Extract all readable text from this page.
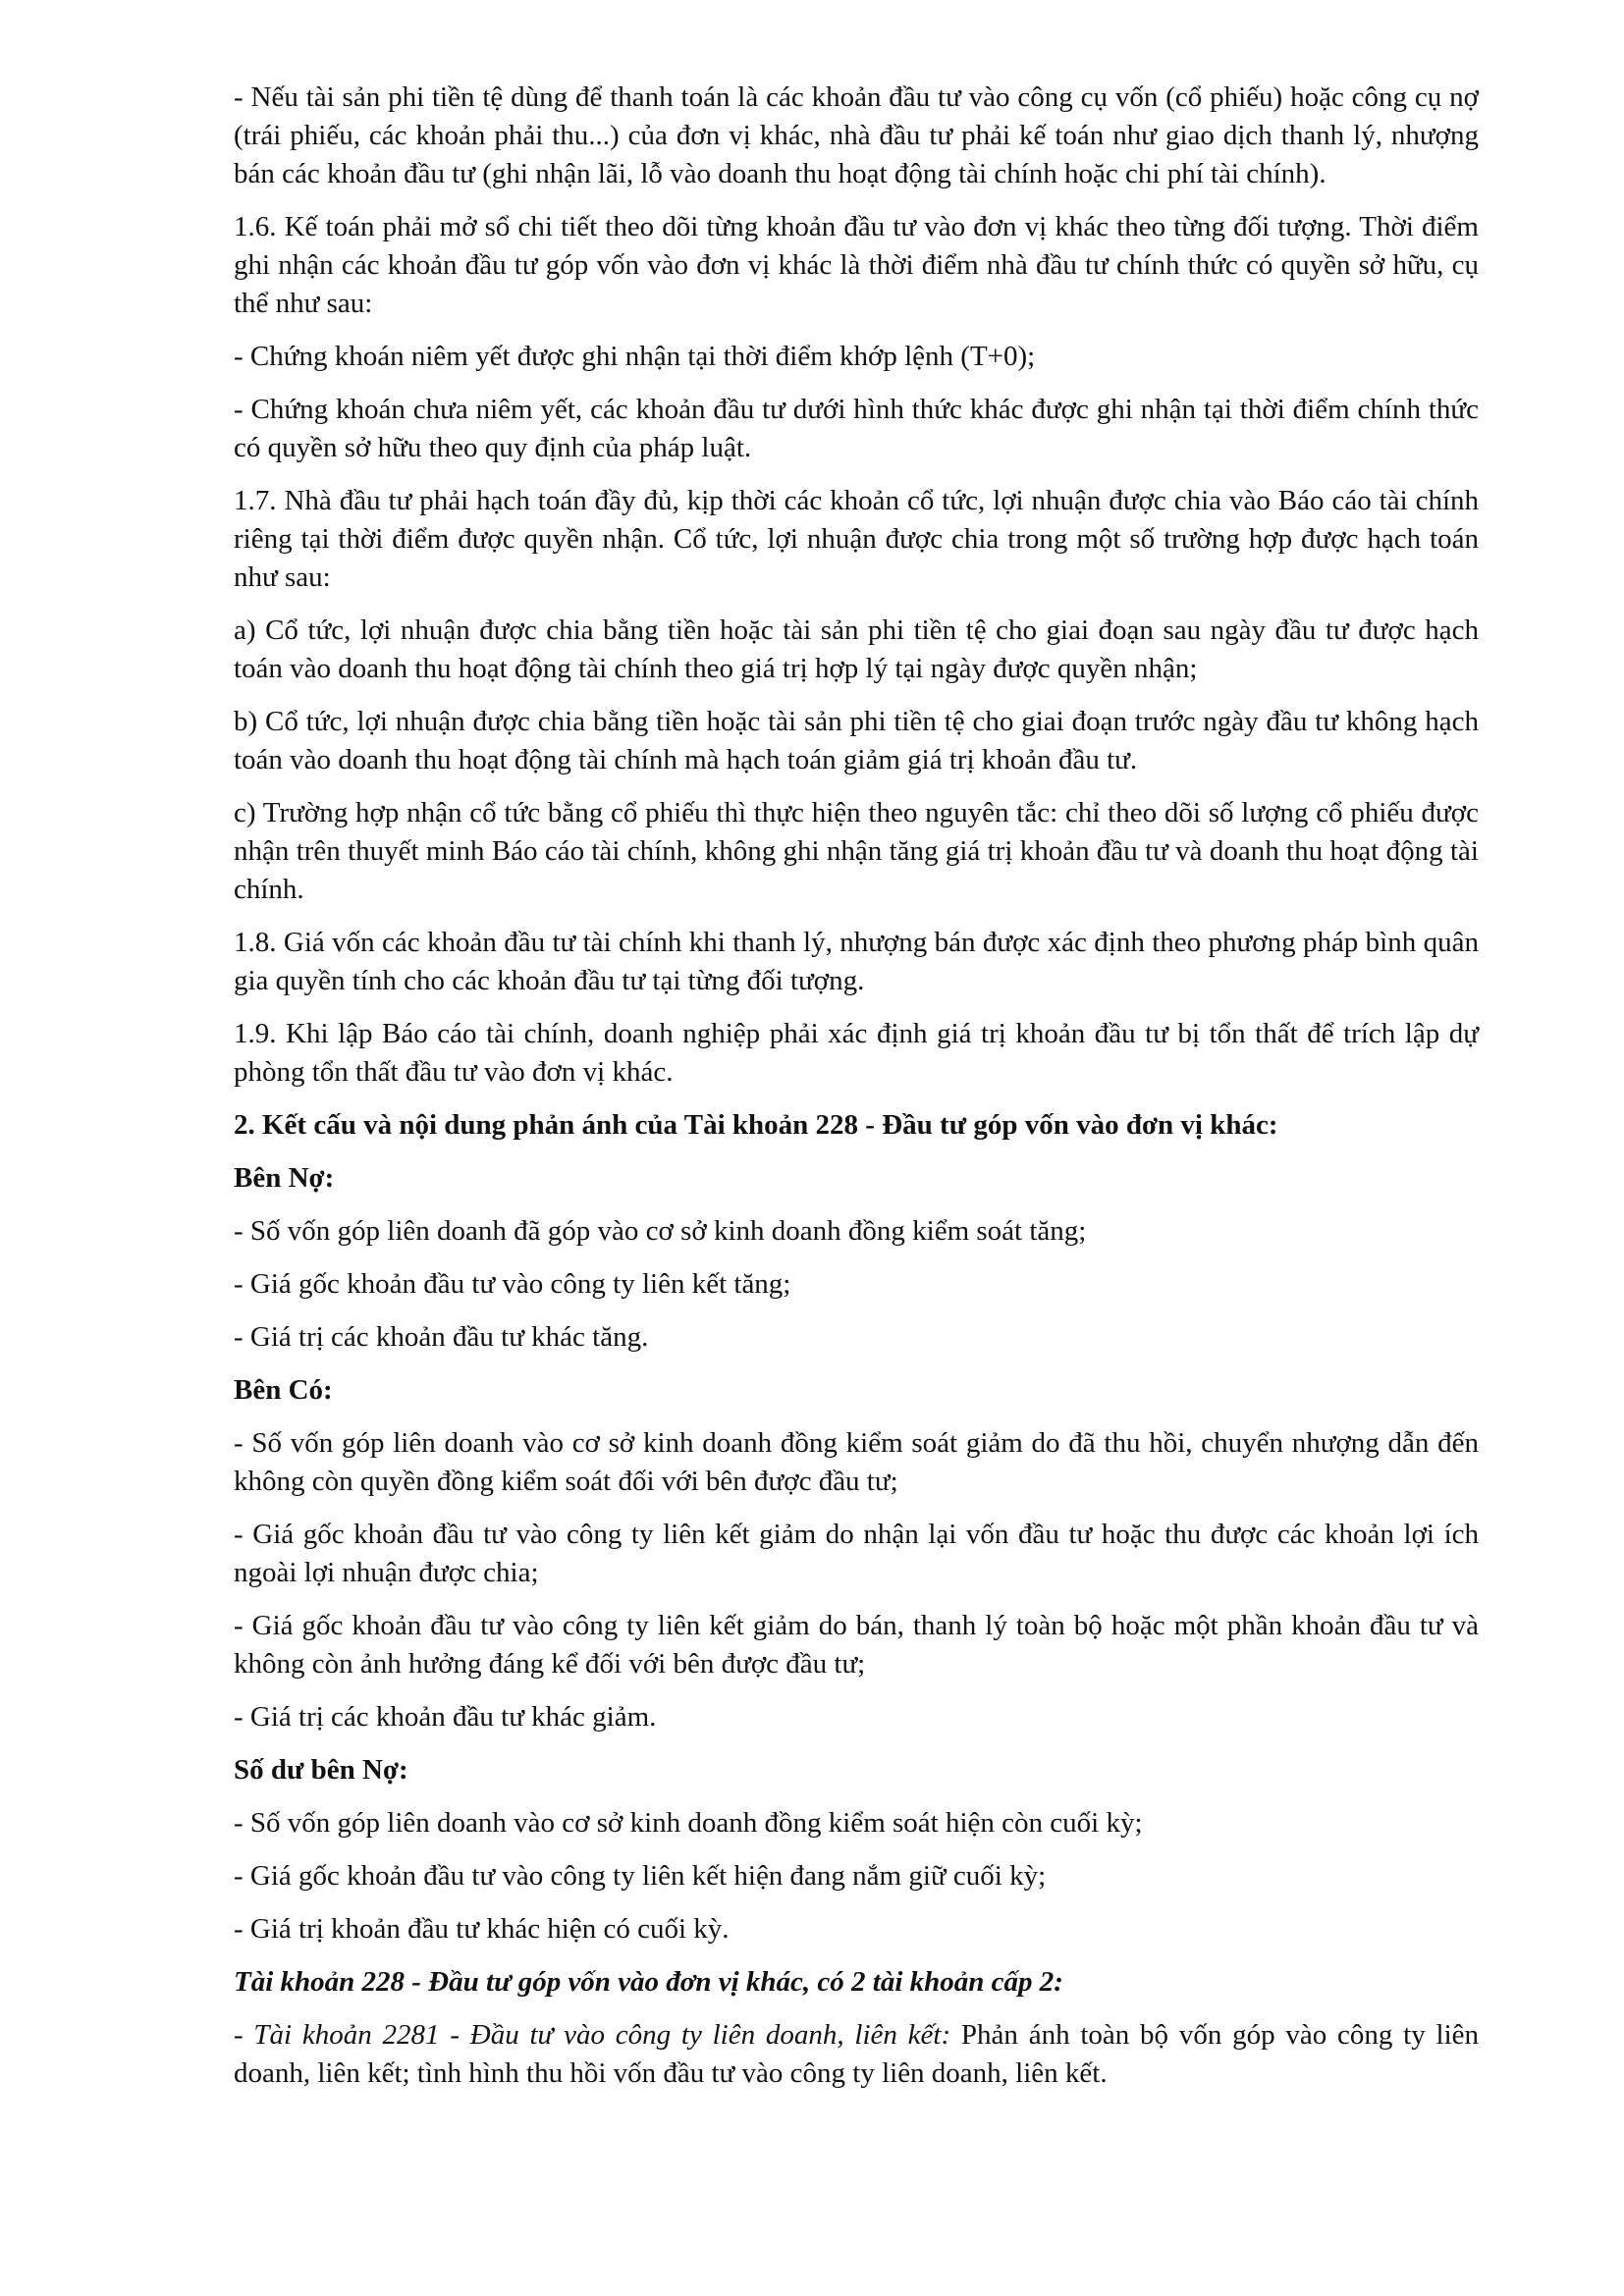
- Nếu tài sản phi tiền tệ dùng để thanh toán là các khoản đầu tư vào công cụ vốn (cổ phiếu) hoặc công cụ nợ (trái phiếu, các khoản phải thu...) của đơn vị khác, nhà đầu tư phải kế toán như giao dịch thanh lý, nhượng bán các khoản đầu tư (ghi nhận lãi, lỗ vào doanh thu hoạt động tài chính hoặc chi phí tài chính).

1.6. Kế toán phải mở sổ chi tiết theo dõi từng khoản đầu tư vào đơn vị khác theo từng đối tượng. Thời điểm ghi nhận các khoản đầu tư góp vốn vào đơn vị khác là thời điểm nhà đầu tư chính thức có quyền sở hữu, cụ thể như sau:

- Chứng khoán niêm yết được ghi nhận tại thời điểm khớp lệnh (T+0);

- Chứng khoán chưa niêm yết, các khoản đầu tư dưới hình thức khác được ghi nhận tại thời điểm chính thức có quyền sở hữu theo quy định của pháp luật.

1.7. Nhà đầu tư phải hạch toán đầy đủ, kịp thời các khoản cổ tức, lợi nhuận được chia vào Báo cáo tài chính riêng tại thời điểm được quyền nhận. Cổ tức, lợi nhuận được chia trong một số trường hợp được hạch toán như sau:

a) Cổ tức, lợi nhuận được chia bằng tiền hoặc tài sản phi tiền tệ cho giai đoạn sau ngày đầu tư được hạch toán vào doanh thu hoạt động tài chính theo giá trị hợp lý tại ngày được quyền nhận;

b) Cổ tức, lợi nhuận được chia bằng tiền hoặc tài sản phi tiền tệ cho giai đoạn trước ngày đầu tư không hạch toán vào doanh thu hoạt động tài chính mà hạch toán giảm giá trị khoản đầu tư.

c) Trường hợp nhận cổ tức bằng cổ phiếu thì thực hiện theo nguyên tắc: chỉ theo dõi số lượng cổ phiếu được nhận trên thuyết minh Báo cáo tài chính, không ghi nhận tăng giá trị khoản đầu tư và doanh thu hoạt động tài chính.

1.8. Giá vốn các khoản đầu tư tài chính khi thanh lý, nhượng bán được xác định theo phương pháp bình quân gia quyền tính cho các khoản đầu tư tại từng đối tượng.

1.9. Khi lập Báo cáo tài chính, doanh nghiệp phải xác định giá trị khoản đầu tư bị tổn thất để trích lập dự phòng tổn thất đầu tư vào đơn vị khác.

2. Kết cấu và nội dung phản ánh của Tài khoản 228 - Đầu tư góp vốn vào đơn vị khác:

Bên Nợ:

- Số vốn góp liên doanh đã góp vào cơ sở kinh doanh đồng kiểm soát tăng;

- Giá gốc khoản đầu tư vào công ty liên kết tăng;

- Giá trị các khoản đầu tư khác tăng.

Bên Có:

- Số vốn góp liên doanh vào cơ sở kinh doanh đồng kiểm soát giảm do đã thu hồi, chuyển nhượng dẫn đến không còn quyền đồng kiểm soát đối với bên được đầu tư;

- Giá gốc khoản đầu tư vào công ty liên kết giảm do nhận lại vốn đầu tư hoặc thu được các khoản lợi ích ngoài lợi nhuận được chia;

- Giá gốc khoản đầu tư vào công ty liên kết giảm do bán, thanh lý toàn bộ hoặc một phần khoản đầu tư và không còn ảnh hưởng đáng kể đối với bên được đầu tư;

- Giá trị các khoản đầu tư khác giảm.

Số dư bên Nợ:

- Số vốn góp liên doanh vào cơ sở kinh doanh đồng kiểm soát hiện còn cuối kỳ;

- Giá gốc khoản đầu tư vào công ty liên kết hiện đang nắm giữ cuối kỳ;

- Giá trị khoản đầu tư khác hiện có cuối kỳ.

Tài khoản 228 - Đầu tư góp vốn vào đơn vị khác, có 2 tài khoản cấp 2:

- Tài khoản 2281 - Đầu tư vào công ty liên doanh, liên kết: Phản ánh toàn bộ vốn góp vào công ty liên doanh, liên kết; tình hình thu hồi vốn đầu tư vào công ty liên doanh, liên kết.
